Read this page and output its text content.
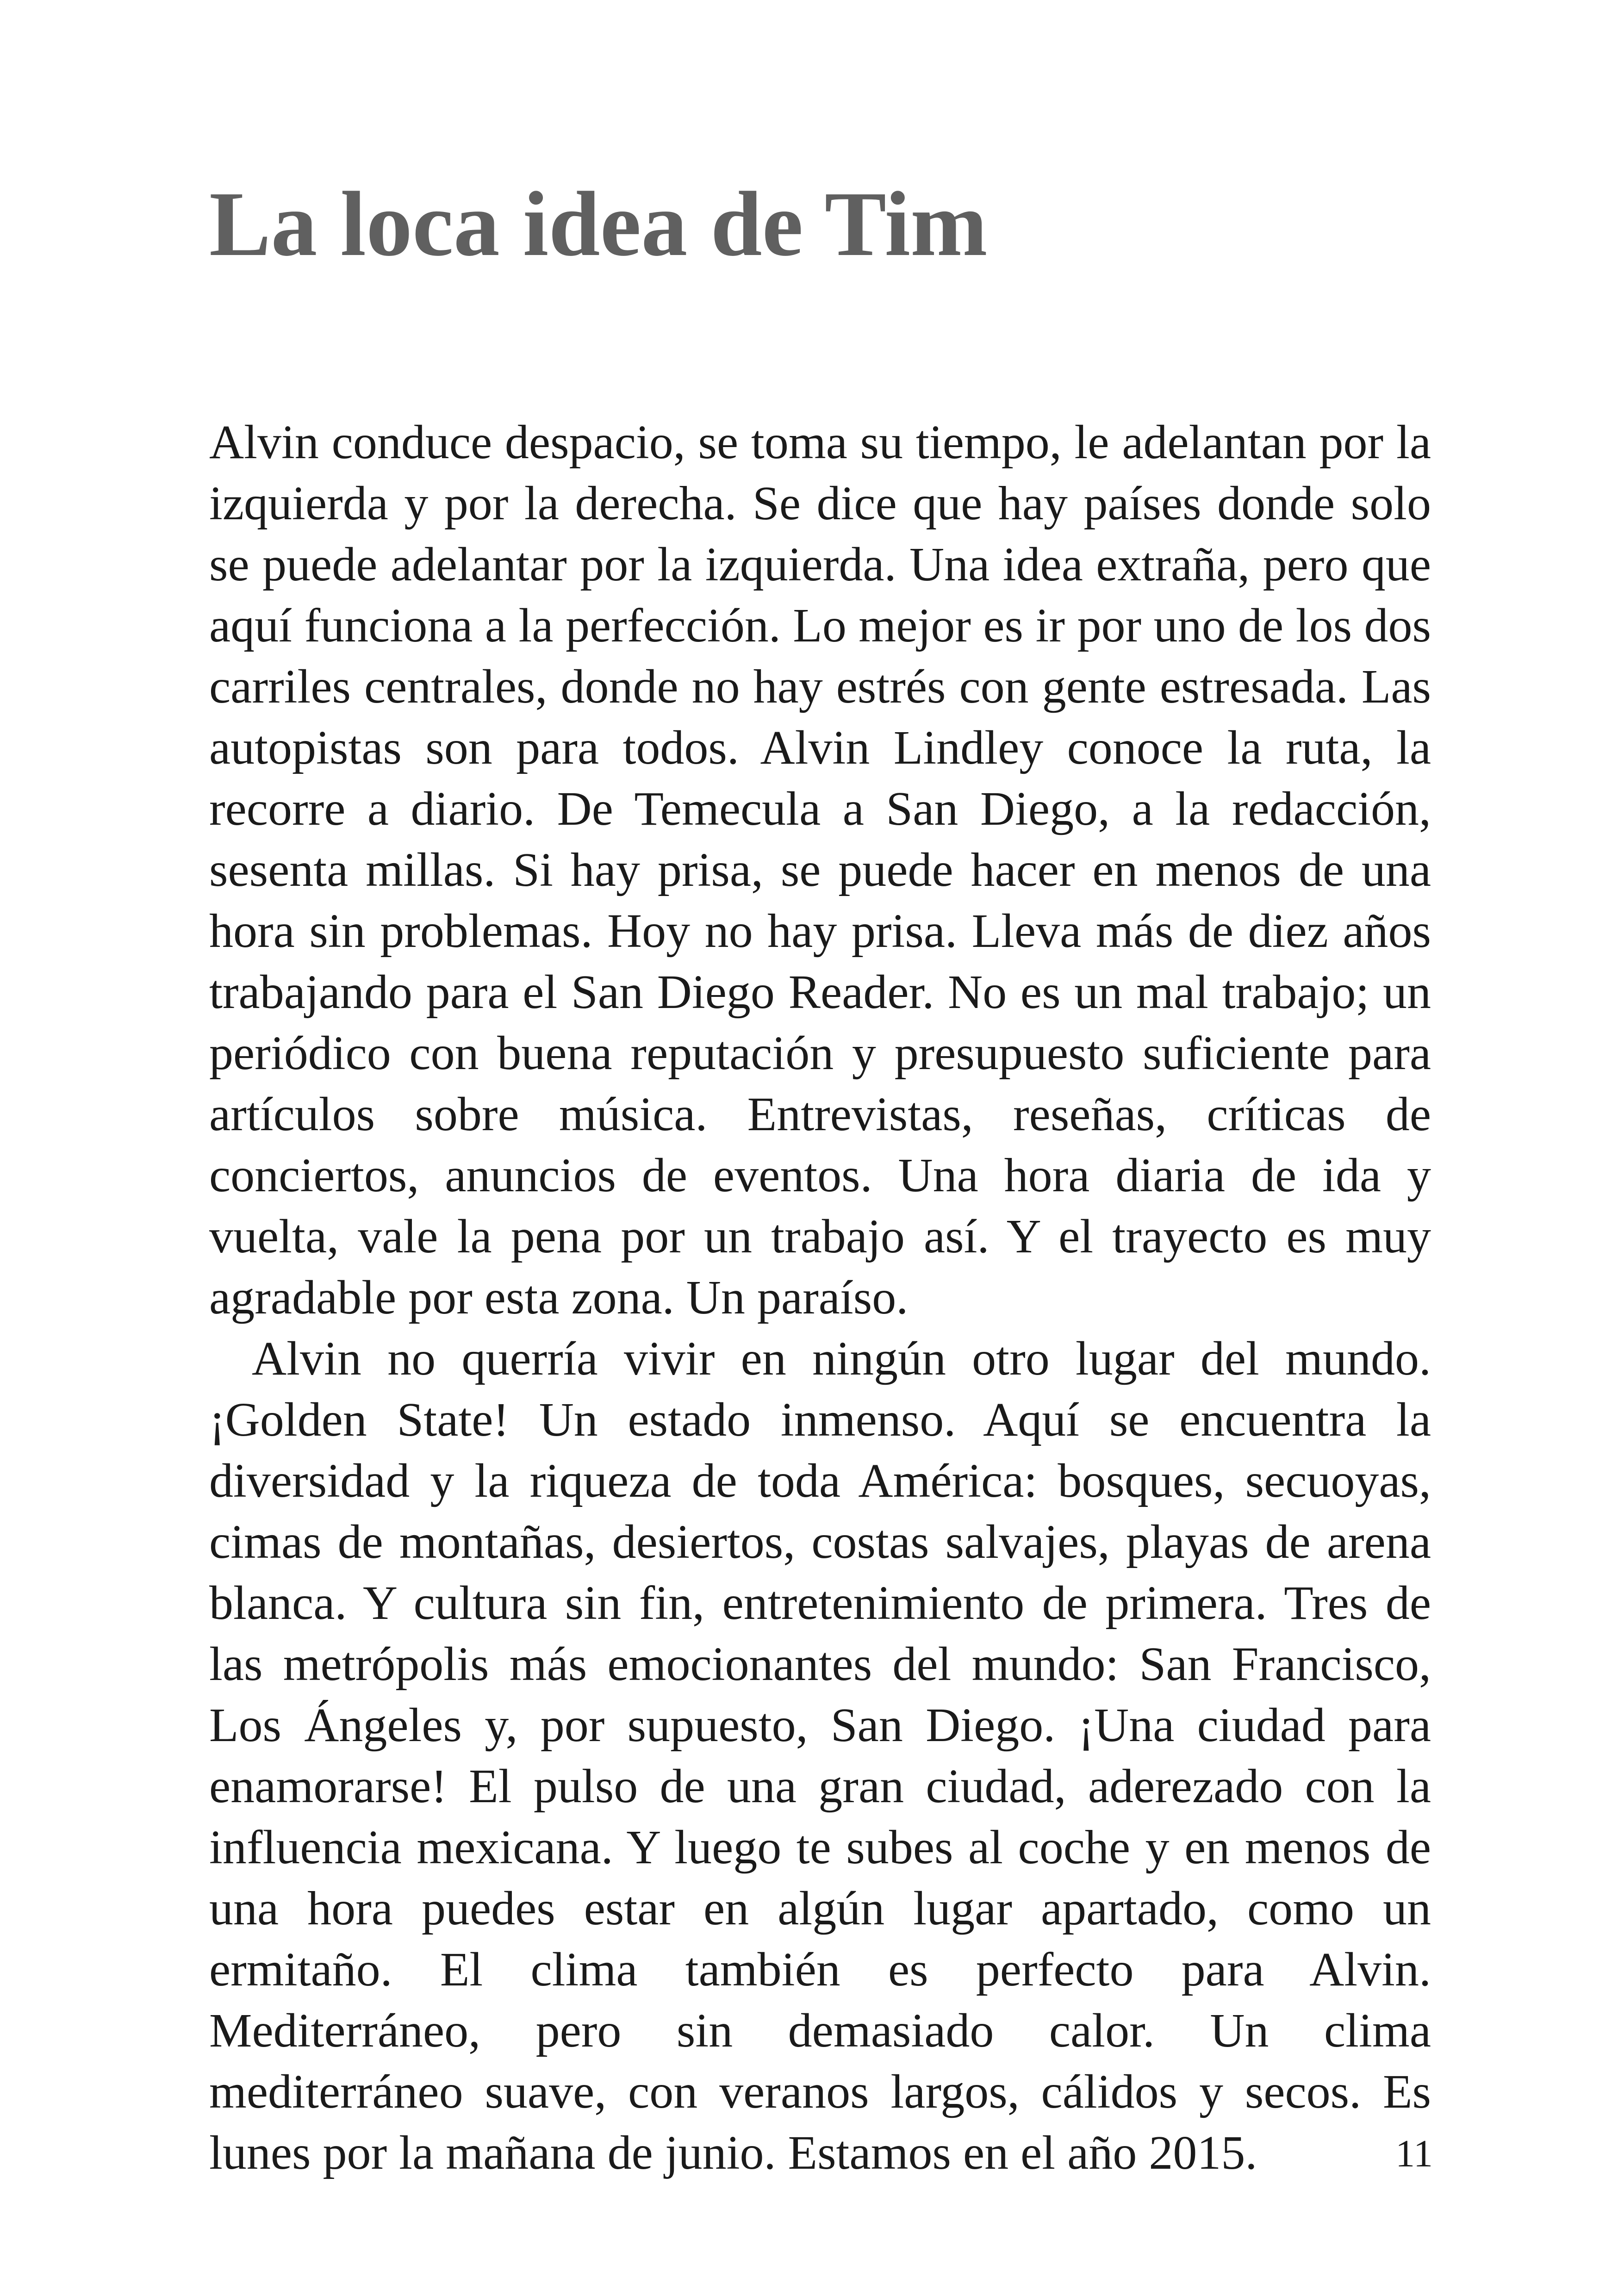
La loca idea de Tim

Alvin conduce despacio, se toma su tiempo, le adelantan por la izquierda y por la derecha. Se dice que hay países donde solo se puede adelantar por la izquierda. Una idea extraña, pero que aquí funciona a la perfección. Lo mejor es ir por uno de los dos carriles centrales, donde no hay estrés con gente estresada. Las autopistas son para todos. Alvin Lindley conoce la ruta, la recorre a diario. De Temecula a San Diego, a la redacción, sesenta millas. Si hay prisa, se puede hacer en menos de una hora sin problemas. Hoy no hay prisa. Lleva más de diez años trabajando para el San Diego Reader. No es un mal trabajo; un periódico con buena reputación y presupuesto suficiente para artículos sobre música. Entrevistas, reseñas, críticas de conciertos, anuncios de eventos. Una hora diaria de ida y vuelta, vale la pena por un trabajo así. Y el trayecto es muy agradable por esta zona. Un paraíso.

Alvin no querría vivir en ningún otro lugar del mundo. ¡Golden State! Un estado inmenso. Aquí se encuentra la diversidad y la riqueza de toda América: bosques, secuoyas, cimas de montañas, desiertos, costas salvajes, playas de arena blanca. Y cultura sin fin, entretenimiento de primera. Tres de las metrópolis más emocionantes del mundo: San Francisco, Los Ángeles y, por supuesto, San Diego. ¡Una ciudad para enamorarse! El pulso de una gran ciudad, aderezado con la influencia mexicana. Y luego te subes al coche y en menos de una hora puedes estar en algún lugar apartado, como un ermitaño. El clima también es perfecto para Alvin. Mediterráneo, pero sin demasiado calor. Un clima mediterráneo suave, con veranos largos, cálidos y secos. Es lunes por la mañana de junio. Estamos en el año 2015.	11
